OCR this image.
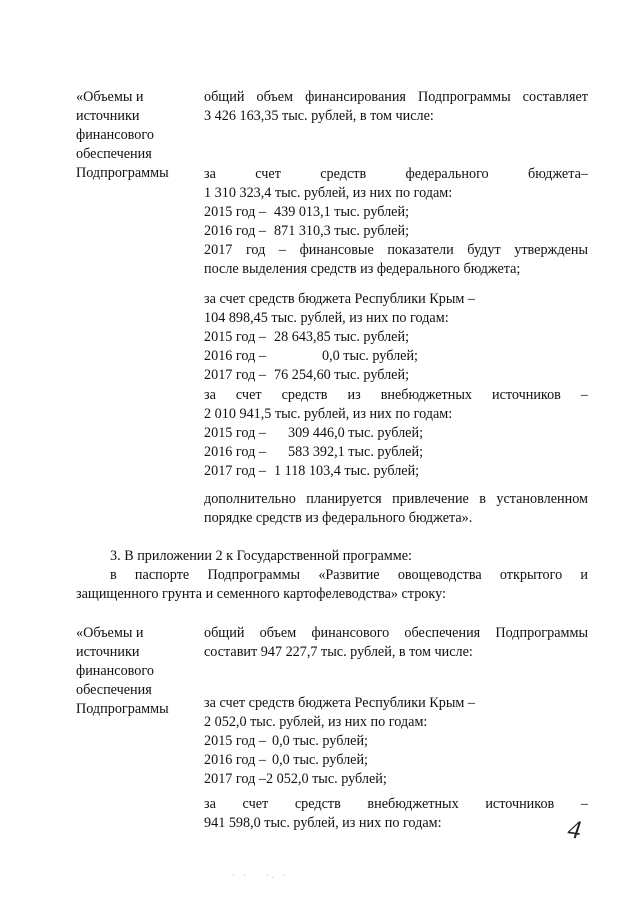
«Объемы и
источники
финансового
обеспечения
Подпрограммы
общий объем финансирования Подпрограммы составляет
3 426 163,35 тыс. рублей, в том числе:
за счет средств федерального бюджета–
1 310 323,4 тыс. рублей, из них по годам:
2015 год – 439 013,1 тыс. рублей;
2016 год – 871 310,3 тыс. рублей;
2017 год – финансовые показатели будут утверждены
после выделения средств из федерального бюджета;
за счет средств бюджета Республики Крым –
104 898,45 тыс. рублей, из них по годам:
2015 год – 28 643,85 тыс. рублей;
2016 год –	0,0 тыс. рублей;
2017 год – 76 254,60 тыс. рублей;
за счет средств из внебюджетных источников –
2 010 941,5 тыс. рублей, из них по годам:
2015 год – 309 446,0 тыс. рублей;
2016 год – 583 392,1 тыс. рублей;
2017 год – 1 118 103,4 тыс. рублей;
дополнительно планируется привлечение в установленном
порядке средств из федерального бюджета».
3. В приложении 2 к Государственной программе:
в паспорте Подпрограммы «Развитие овощеводства открытого и
защищенного грунта и семенного картофелеводства» строку:
«Объемы и
источники
финансового
обеспечения
Подпрограммы
общий объем финансового обеспечения Подпрограммы
составит 947 227,7 тыс. рублей, в том числе:
за счет средств бюджета Республики Крым –
2 052,0 тыс. рублей, из них по годам:
2015 год – 0,0 тыс. рублей;
2016 год – 0,0 тыс. рублей;
2017 год –2 052,0 тыс. рублей;
за счет средств внебюджетных источников –
941 598,0 тыс. рублей, из них по годам:	4
· · ˙ ·. ·
